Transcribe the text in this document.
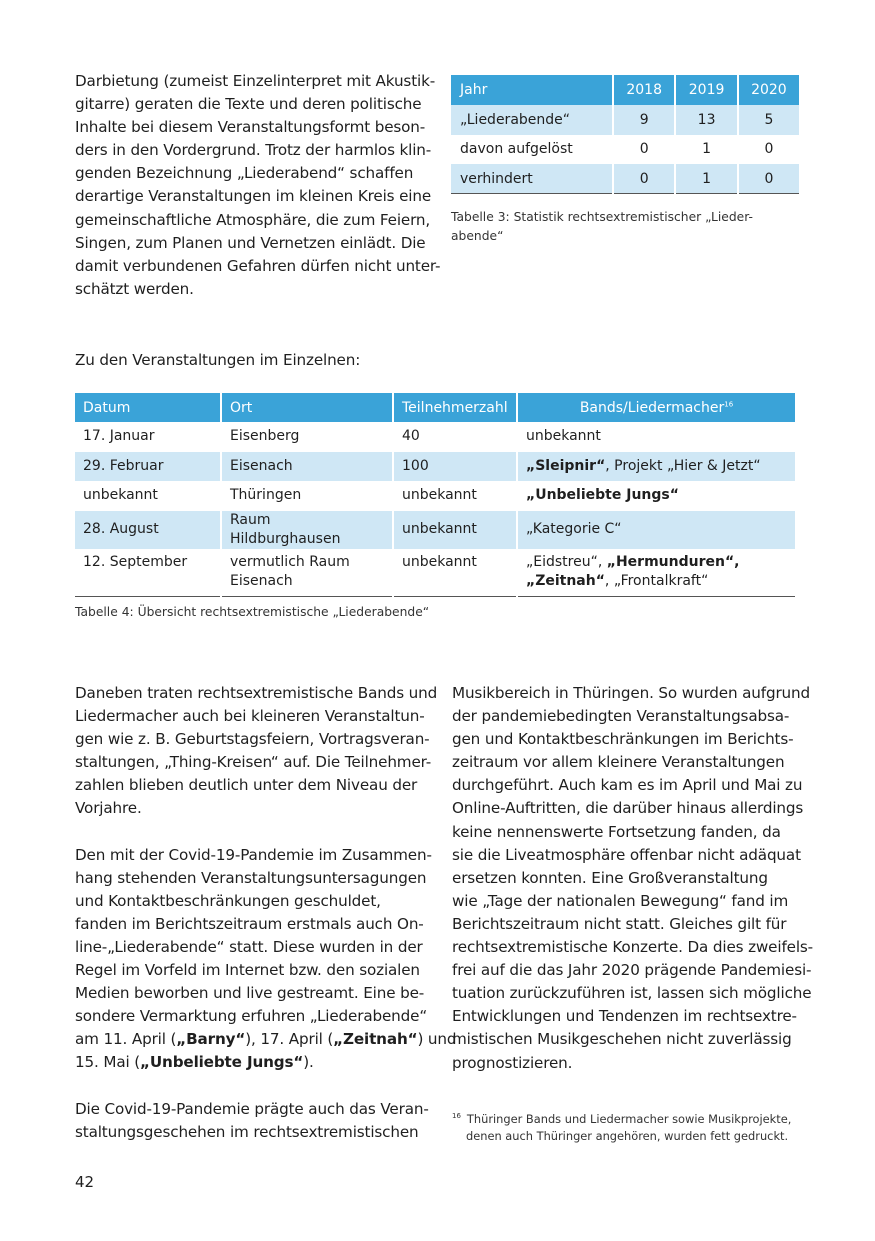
Darbietung (zumeist Einzelinterpret mit Akustik-
gitarre) geraten die Texte und deren politische
Inhalte bei diesem Veranstaltungsformt beson-
ders in den Vordergrund. Trotz der harmlos klin-
genden Bezeichnung „Liederabend“ schaffen
derartige Veranstaltungen im kleinen Kreis eine
gemeinschaftliche Atmosphäre, die zum Feiern,
Singen, zum Planen und Vernetzen einlädt. Die
damit verbundenen Gefahren dürfen nicht unter-
schätzt werden.
Jahr	2018	2019	2020
„Liederabende“	9	13	5
davon aufgelöst	0	1	0
verhindert	0	1	0
Tabelle 3: Statistik rechtsextremistischer „Lieder-
abende“
Zu den Veranstaltungen im Einzelnen:
Datum	Ort	Teilnehmerzahl	Bands/Liedermacher$^{16}$
17. Januar	Eisenberg	40	unbekannt
29. Februar	Eisenach	100	„Sleipnir“, Projekt „Hier & Jetzt“
unbekannt	Thüringen	unbekannt	„Unbeliebte Jungs“
28. August	Raum Hildburghausen	unbekannt	„Kategorie C“
12. September	vermutlich Raum
Eisenach	unbekannt	„Eidstreu“, „Hermunduren“,
„Zeitnah“, „Frontalkraft“
Tabelle 4: Übersicht rechtsextremistische „Liederabende“
Daneben traten rechtsextremistische Bands und
Liedermacher auch bei kleineren Veranstaltun-
gen wie z. B. Geburtstagsfeiern, Vortragsveran-
staltungen, „Thing-Kreisen“ auf. Die Teilnehmer-
zahlen blieben deutlich unter dem Niveau der
Vorjahre.
Den mit der Covid-19-Pandemie im Zusammen-
hang stehenden Veranstaltungsuntersagungen
und Kontaktbeschränkungen geschuldet,
fanden im Berichtszeitraum erstmals auch On-
line-„Liederabende“ statt. Diese wurden in der
Regel im Vorfeld im Internet bzw. den sozialen
Medien beworben und live gestreamt. Eine be-
sondere Vermarktung erfuhren „Liederabende“
am 11. April („Barny“), 17. April („Zeitnah“) und
15. Mai („Unbeliebte Jungs“).
Die Covid-19-Pandemie prägte auch das Veran-
staltungsgeschehen im rechtsextremistischen
Musikbereich in Thüringen. So wurden aufgrund
der pandemiebedingten Veranstaltungsabsa-
gen und Kontaktbeschränkungen im Berichts-
zeitraum vor allem kleinere Veranstaltungen
durchgeführt. Auch kam es im April und Mai zu
Online-Auftritten, die darüber hinaus allerdings
keine nennenswerte Fortsetzung fanden, da
sie die Liveatmosphäre offenbar nicht adäquat
ersetzen konnten. Eine Großveranstaltung
wie „Tage der nationalen Bewegung“ fand im
Berichtszeitraum nicht statt. Gleiches gilt für
rechtsextremistische Konzerte. Da dies zweifels-
frei auf die das Jahr 2020 prägende Pandemiesi-
tuation zurückzuführen ist, lassen sich mögliche
Entwicklungen und Tendenzen im rechtsextre-
mistischen Musikgeschehen nicht zuverlässig
prognostizieren.
$^{16}$ Thüringer Bands und Liedermacher sowie Musikprojekte,
denen auch Thüringer angehören, wurden fett gedruckt.
42
